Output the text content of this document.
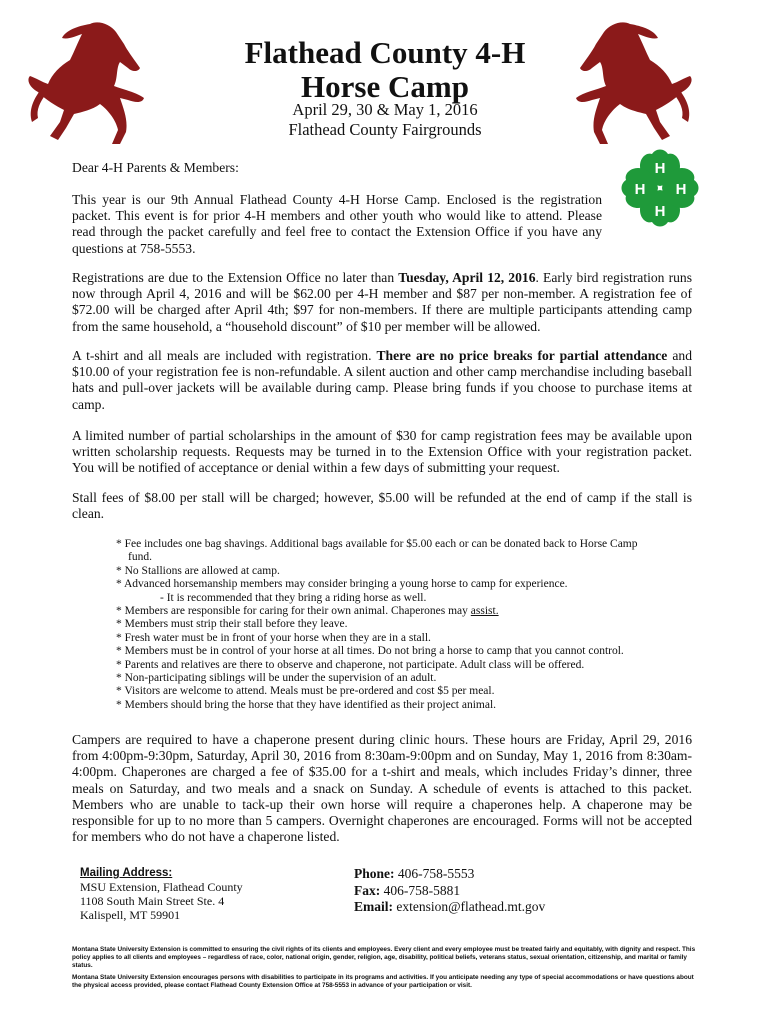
H
H
H H
Flathead County 4-H
Horse Camp
April 29, 30 & May 1, 2016
Flathead County Fairgrounds
Dear 4-H Parents & Members:
This year is our 9th Annual Flathead County 4-H Horse Camp. Enclosed is the registration packet. This event is for prior 4-H members and other youth who would like to attend. Please read through the packet carefully and feel free to contact the Extension Office if you have any questions at 758-5553.
Registrations are due to the Extension Office no later than Tuesday, April 12, 2016. Early bird registration runs now through April 4, 2016 and will be $62.00 per 4-H member and $87 per non-member. A registration fee of $72.00 will be charged after April 4th; $97 for non-members. If there are multiple participants attending camp from the same household, a “household discount” of $10 per member will be allowed.
A t-shirt and all meals are included with registration. There are no price breaks for partial attendance and $10.00 of your registration fee is non-refundable. A silent auction and other camp merchandise including baseball hats and pull-over jackets will be available during camp. Please bring funds if you choose to purchase items at camp.
A limited number of partial scholarships in the amount of $30 for camp registration fees may be available upon written scholarship requests. Requests may be turned in to the Extension Office with your registration packet. You will be notified of acceptance or denial within a few days of submitting your request.
Stall fees of $8.00 per stall will be charged; however, $5.00 will be refunded at the end of camp if the stall is clean.
* Fee includes one bag shavings. Additional bags available for $5.00 each or can be donated back to Horse Camp
fund.
* No Stallions are allowed at camp.
* Advanced horsemanship members may consider bringing a young horse to camp for experience.
- It is recommended that they bring a riding horse as well.
* Members are responsible for caring for their own animal. Chaperones may assist.
* Members must strip their stall before they leave.
* Fresh water must be in front of your horse when they are in a stall.
* Members must be in control of your horse at all times. Do not bring a horse to camp that you cannot control.
* Parents and relatives are there to observe and chaperone, not participate. Adult class will be offered.
* Non-participating siblings will be under the supervision of an adult.
* Visitors are welcome to attend. Meals must be pre-ordered and cost $5 per meal.
* Members should bring the horse that they have identified as their project animal.
Campers are required to have a chaperone present during clinic hours. These hours are Friday, April 29, 2016 from 4:00pm-9:30pm, Saturday, April 30, 2016 from 8:30am-9:00pm and on Sunday, May 1, 2016 from 8:30am-4:00pm. Chaperones are charged a fee of $35.00 for a t-shirt and meals, which includes Friday’s dinner, three meals on Saturday, and two meals and a snack on Sunday. A schedule of events is attached to this packet. Members who are unable to tack-up their own horse will require a chaperones help. A chaperone may be responsible for up to no more than 5 campers. Overnight chaperones are encouraged. Forms will not be accepted for members who do not have a chaperone listed.
Mailing Address:
MSU Extension, Flathead County
1108 South Main Street Ste. 4
Kalispell, MT 59901
Phone: 406-758-5553
Fax: 406-758-5881
Email: extension@flathead.mt.gov
Montana State University Extension is committed to ensuring the civil rights of its clients and employees. Every client and every employee must be treated fairly and equitably, with dignity and respect. This policy applies to all clients and employees – regardless of race, color, national origin, gender, religion, age, disability, political beliefs, veterans status, sexual orientation, citizenship, and marital or family status.
Montana State University Extension encourages persons with disabilities to participate in its programs and activities. If you anticipate needing any type of special accommodations or have questions about the physical access provided, please contact Flathead County Extension Office at 758-5553 in advance of your participation or visit.
